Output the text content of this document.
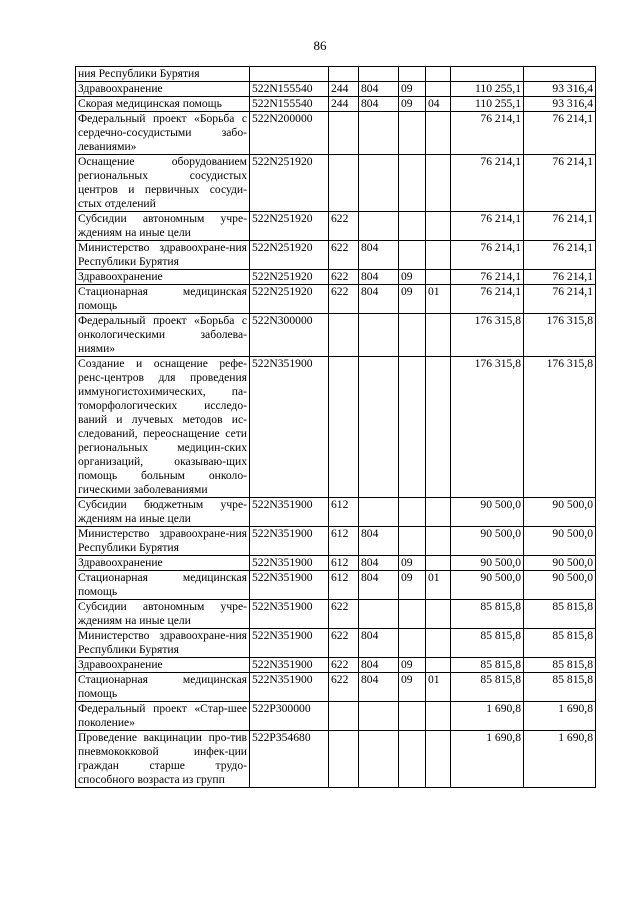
86
ния Республики Бурятия							
Здравоохранение	522N155540	244	804	09		110 255,1	93 316,4
Скорая медицинская помощь	522N155540	244	804	09	04	110 255,1	93 316,4
Федеральный проект «Борьба с сердечно-сосудистыми забо-леваниями»	522N200000					76 214,1	76 214,1
Оснащение оборудованием региональных сосудистых центров и первичных сосуди-стых отделений	522N251920					76 214,1	76 214,1
Субсидии автономным учре-ждениям на иные цели	522N251920	622				76 214,1	76 214,1
Министерство здравоохране-ния Республики Бурятия	522N251920	622	804			76 214,1	76 214,1
Здравоохранение	522N251920	622	804	09		76 214,1	76 214,1
Стационарная медицинская помощь	522N251920	622	804	09	01	76 214,1	76 214,1
Федеральный проект «Борьба с онкологическими заболева-ниями»	522N300000					176 315,8	176 315,8
Создание и оснащение рефе-ренс-центров для проведения иммуногистохимических, па-томорфологических исследо-ваний и лучевых методов ис-следований, переоснащение сети региональных медицин-ских организаций, оказываю-щих помощь больным онколо-гическими заболеваниями	522N351900					176 315,8	176 315,8
Субсидии бюджетным учре-ждениям на иные цели	522N351900	612				90 500,0	90 500,0
Министерство здравоохране-ния Республики Бурятия	522N351900	612	804			90 500,0	90 500,0
Здравоохранение	522N351900	612	804	09		90 500,0	90 500,0
Стационарная медицинская помощь	522N351900	612	804	09	01	90 500,0	90 500,0
Субсидии автономным учре-ждениям на иные цели	522N351900	622				85 815,8	85 815,8
Министерство здравоохране-ния Республики Бурятия	522N351900	622	804			85 815,8	85 815,8
Здравоохранение	522N351900	622	804	09		85 815,8	85 815,8
Стационарная медицинская помощь	522N351900	622	804	09	01	85 815,8	85 815,8
Федеральный проект «Стар-шее поколение»	522P300000					1 690,8	1 690,8
Проведение вакцинации про-тив пневмококковой инфек-ции граждан старше трудо-способного возраста из групп	522P354680					1 690,8	1 690,8
